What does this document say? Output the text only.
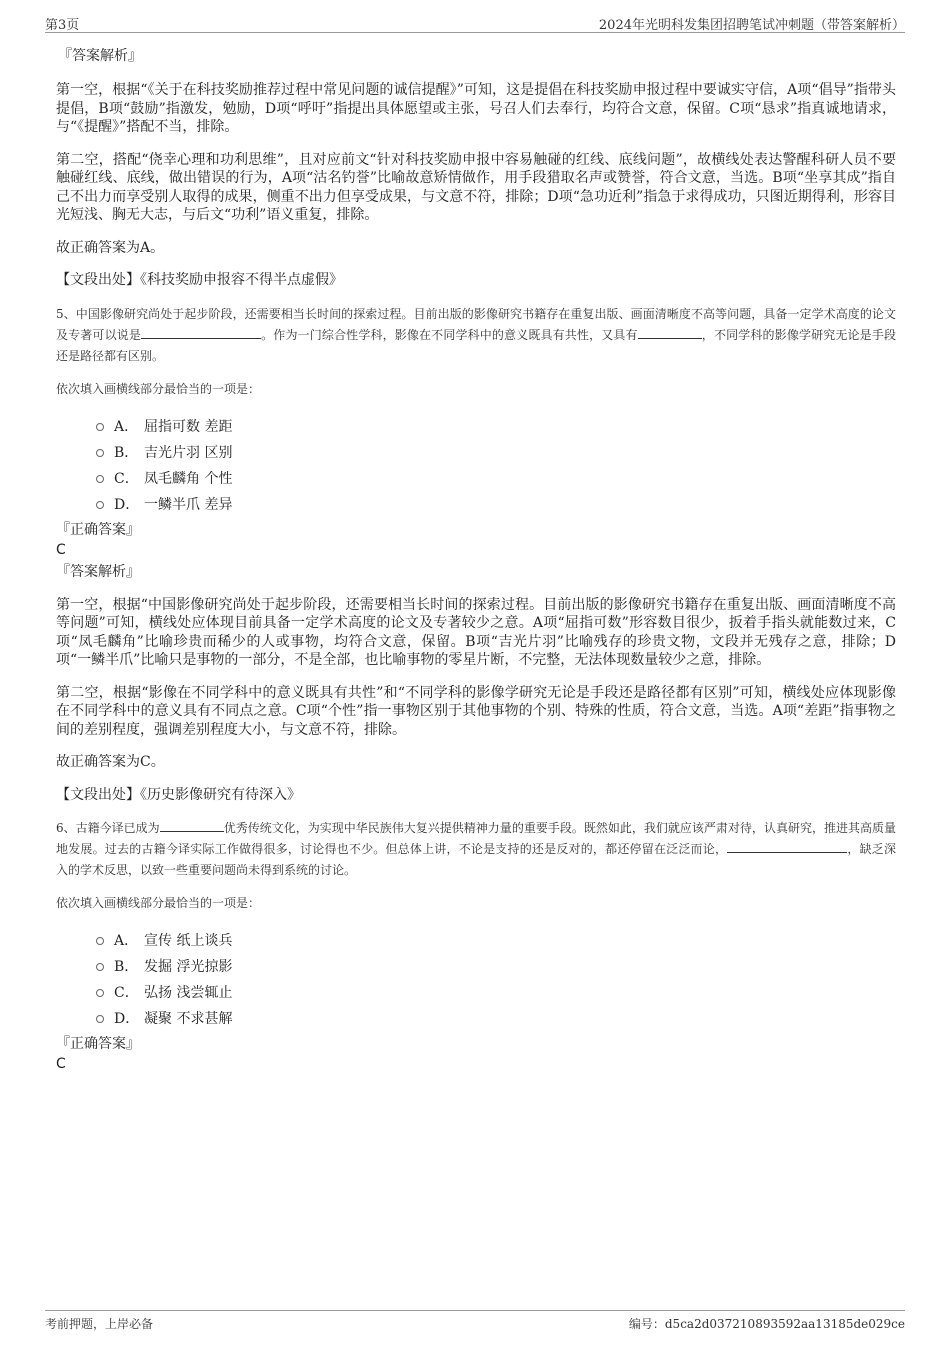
第3页	2024年光明科发集团招聘笔试冲刺题（带答案解析）
『答案解析』

第一空，根据“《关于在科技奖励推荐过程中常见问题的诚信提醒》”可知，这是提倡在科技奖励申报过程中要诚实守信，A项“倡导”指带头提倡，B项“鼓励”指激发，勉励，D项“呼吁”指提出具体愿望或主张，号召人们去奉行，均符合文意，保留。C项“恳求”指真诚地请求，与“《提醒》”搭配不当，排除。

第二空，搭配“侥幸心理和功利思维”，且对应前文“针对科技奖励申报中容易触碰的红线、底线问题”，故横线处表达警醒科研人员不要触碰红线、底线，做出错误的行为，A项“沽名钓誉”比喻故意矫情做作，用手段猎取名声或赞誉，符合文意，当选。B项“坐享其成”指自己不出力而享受别人取得的成果，侧重不出力但享受成果，与文意不符，排除；D项“急功近利”指急于求得成功，只图近期得利，形容目光短浅、胸无大志，与后文“功利”语义重复，排除。

故正确答案为A。

【文段出处】《科技奖励申报容不得半点虚假》

5、中国影像研究尚处于起步阶段，还需要相当长时间的探索过程。目前出版的影像研究书籍存在重复出版、画面清晰度不高等问题，具备一定学术高度的论文及专著可以说是	。作为一门综合性学科，影像在不同学科中的意义既具有共性，又具有	，不同学科的影像学研究无论是手段还是路径都有区别。

依次填入画横线部分最恰当的一项是：

A． 屈指可数 差距
B． 吉光片羽 区别
C． 凤毛麟角 个性
D． 一鳞半爪 差异
『正确答案』
C
『答案解析』

第一空，根据“中国影像研究尚处于起步阶段，还需要相当长时间的探索过程。目前出版的影像研究书籍存在重复出版、画面清晰度不高等问题”可知，横线处应体现目前具备一定学术高度的论文及专著较少之意。A项“屈指可数”形容数目很少，扳着手指头就能数过来，C项“凤毛麟角”比喻珍贵而稀少的人或事物，均符合文意，保留。B项“吉光片羽”比喻残存的珍贵文物，文段并无残存之意，排除；D项“一鳞半爪”比喻只是事物的一部分，不是全部，也比喻事物的零星片断，不完整，无法体现数量较少之意，排除。

第二空，根据“影像在不同学科中的意义既具有共性”和“不同学科的影像学研究无论是手段还是路径都有区别”可知，横线处应体现影像在不同学科中的意义具有不同点之意。C项“个性”指一事物区别于其他事物的个别、特殊的性质，符合文意，当选。A项“差距”指事物之间的差别程度，强调差别程度大小，与文意不符，排除。

故正确答案为C。

【文段出处】《历史影像研究有待深入》

6、古籍今译已成为	优秀传统文化，为实现中华民族伟大复兴提供精神力量的重要手段。既然如此，我们就应该严肃对待，认真研究，推进其高质量地发展。过去的古籍今译实际工作做得很多，讨论得也不少。但总体上讲，不论是支持的还是反对的，都还停留在泛泛而论，	，缺乏深入的学术反思，以致一些重要问题尚未得到系统的讨论。

依次填入画横线部分最恰当的一项是：

A． 宣传 纸上谈兵
B． 发掘 浮光掠影
C． 弘扬 浅尝辄止
D． 凝聚 不求甚解
『正确答案』
C
考前押题，上岸必备	编号：d5ca2d037210893592aa13185de029ce
